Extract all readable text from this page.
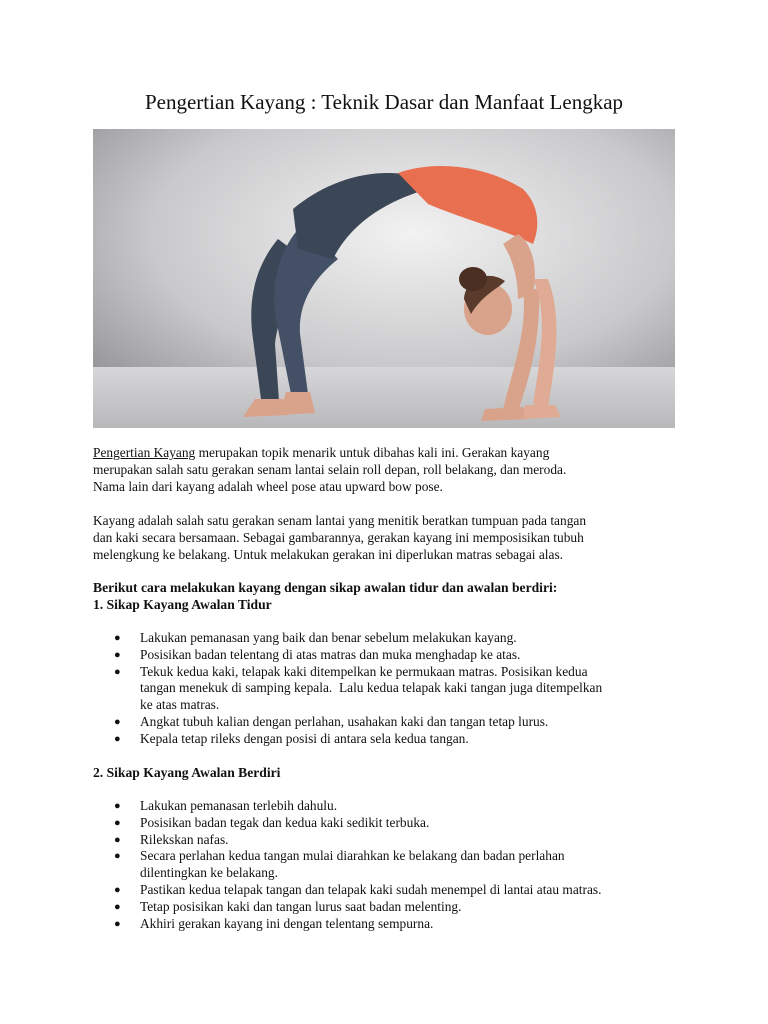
Pengertian Kayang : Teknik Dasar dan Manfaat Lengkap
Pengertian Kayang merupakan topik menarik untuk dibahas kali ini. Gerakan kayang
merupakan salah satu gerakan senam lantai selain roll depan, roll belakang, dan meroda.
Nama lain dari kayang adalah wheel pose atau upward bow pose.
Kayang adalah salah satu gerakan senam lantai yang menitik beratkan tumpuan pada tangan
dan kaki secara bersamaan. Sebagai gambarannya, gerakan kayang ini memposisikan tubuh
melengkung ke belakang. Untuk melakukan gerakan ini diperlukan matras sebagai alas.
Berikut cara melakukan kayang dengan sikap awalan tidur dan awalan berdiri:
1. Sikap Kayang Awalan Tidur
● Lakukan pemanasan yang baik dan benar sebelum melakukan kayang.
● Posisikan badan telentang di atas matras dan muka menghadap ke atas.
● Tekuk kedua kaki, telapak kaki ditempelkan ke permukaan matras. Posisikan kedua
tangan menekuk di samping kepala.  Lalu kedua telapak kaki tangan juga ditempelkan
ke atas matras.
● Angkat tubuh kalian dengan perlahan, usahakan kaki dan tangan tetap lurus.
● Kepala tetap rileks dengan posisi di antara sela kedua tangan.
2. Sikap Kayang Awalan Berdiri
● Lakukan pemanasan terlebih dahulu.
● Posisikan badan tegak dan kedua kaki sedikit terbuka.
● Rilekskan nafas.
● Secara perlahan kedua tangan mulai diarahkan ke belakang dan badan perlahan
dilentingkan ke belakang.
● Pastikan kedua telapak tangan dan telapak kaki sudah menempel di lantai atau matras.
● Tetap posisikan kaki dan tangan lurus saat badan melenting.
● Akhiri gerakan kayang ini dengan telentang sempurna.
